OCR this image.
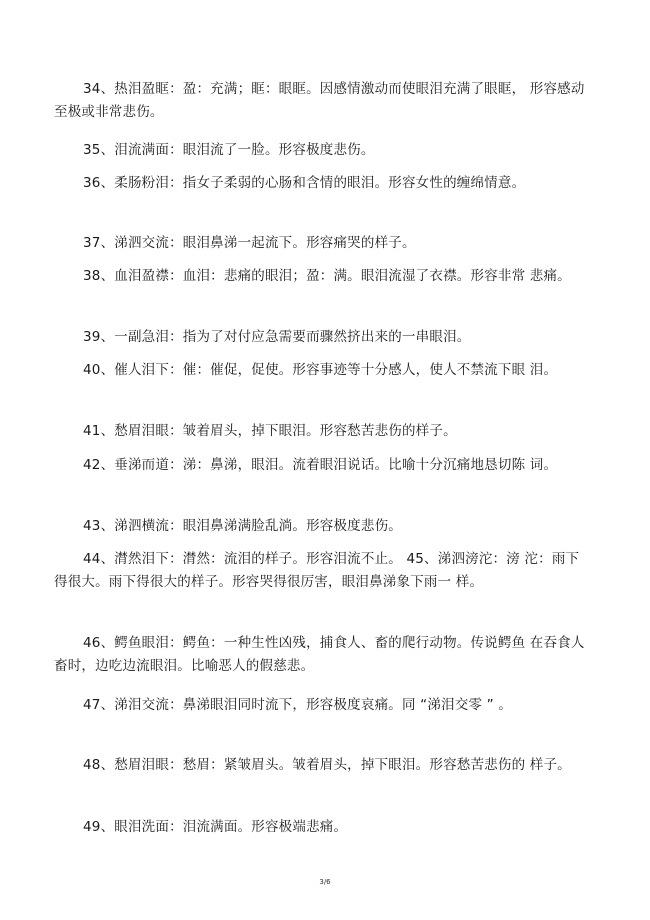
34、热泪盈眶：盈：充满；眶：眼眶。因感情激动而使眼泪充满了眼眶， 形容感动至极或非常悲伤。

35、泪流满面：眼泪流了一脸。形容极度悲伤。

36、柔肠粉泪：指女子柔弱的心肠和含情的眼泪。形容女性的缠绵情意。

37、涕泗交流：眼泪鼻涕一起流下。形容痛哭的样子。

38、血泪盈襟：血泪：悲痛的眼泪；盈：满。眼泪流湿了衣襟。形容非常 悲痛。

39、一副急泪：指为了对付应急需要而骤然挤出来的一串眼泪。

40、催人泪下：催：催促，促使。形容事迹等十分感人，使人不禁流下眼 泪。

41、愁眉泪眼：皱着眉头，掉下眼泪。形容愁苦悲伤的样子。

42、垂涕而道：涕：鼻涕，眼泪。流着眼泪说话。比喻十分沉痛地恳切陈 词。

43、涕泗横流：眼泪鼻涕满脸乱淌。形容极度悲伤。

44、潸然泪下：潸然：流泪的样子。形容泪流不止。 45、涕泗滂沱：滂 沱：雨下得很大。雨下得很大的样子。形容哭得很厉害，眼泪鼻涕象下雨一 样。

46、鳄鱼眼泪：鳄鱼：一种生性凶残，捕食人、畜的爬行动物。传说鳄鱼 在吞食人畜时，边吃边流眼泪。比喻恶人的假慈悲。

47、涕泪交流：鼻涕眼泪同时流下，形容极度哀痛。同 “涕泪交零 ” 。

48、愁眉泪眼：愁眉：紧皱眉头。皱着眉头，掉下眼泪。形容愁苦悲伤的 样子。

49、眼泪洗面：泪流满面。形容极端悲痛。

3/6
